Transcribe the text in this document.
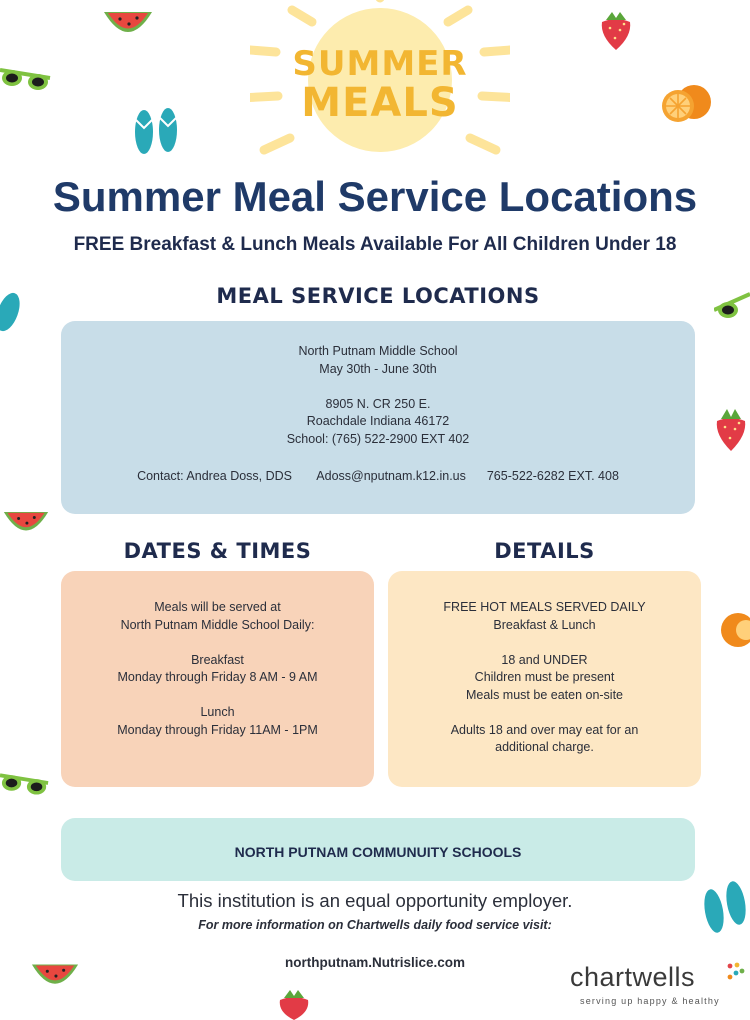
SUMMER
MEALS
Summer Meal Service Locations
FREE Breakfast & Lunch Meals Available For All Children Under 18
MEAL SERVICE LOCATIONS
North Putnam Middle School
May 30th - June 30th
8905 N. CR 250 E.
Roachdale Indiana 46172
School: (765) 522-2900 EXT 402
Contact: Andrea Doss, DDS Adoss@nputnam.k12.in.us 765-522-6282 EXT. 408
DATES & TIMES
Meals will be served at
North Putnam Middle School Daily:
Breakfast
Monday through Friday 8 AM - 9 AM
Lunch
Monday through Friday 11AM - 1PM
DETAILS
FREE HOT MEALS SERVED DAILY
Breakfast & Lunch
18 and UNDER
Children must be present
Meals must be eaten on-site
Adults 18 and over may eat for an
additional charge.
NORTH PUTNAM COMMUNUITY SCHOOLS
This institution is an equal opportunity employer.
For more information on Chartwells daily food service visit:
northputnam.Nutrislice.com	chartwells
serving up happy & healthy
